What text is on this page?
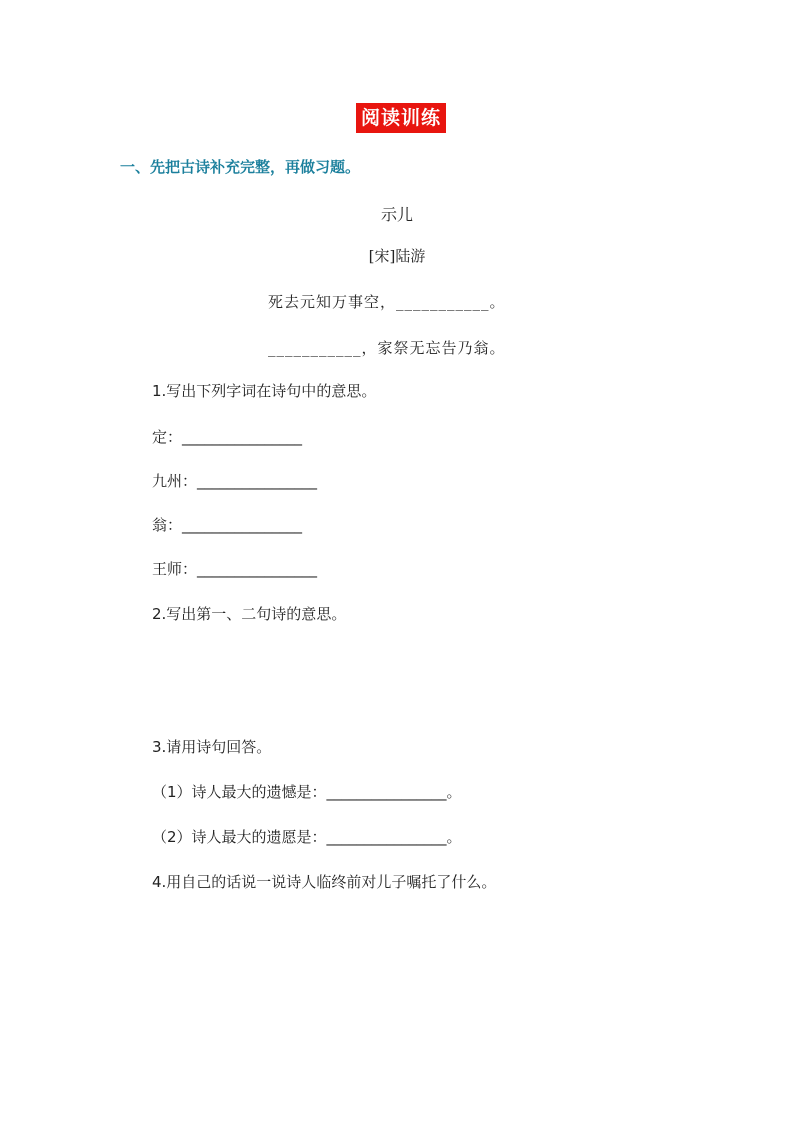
阅读训练
一、先把古诗补充完整，再做习题。
示儿
[宋]陆游
死去元知万事空，___________。
___________，家祭无忘告乃翁。
1.写出下列字词在诗句中的意思。
定：________________
九州：________________
翁：________________
王师：________________
2.写出第一、二句诗的意思。
3.请用诗句回答。
（1）诗人最大的遗憾是：________________。
（2）诗人最大的遗愿是：________________。
4.用自己的话说一说诗人临终前对儿子嘱托了什么。
